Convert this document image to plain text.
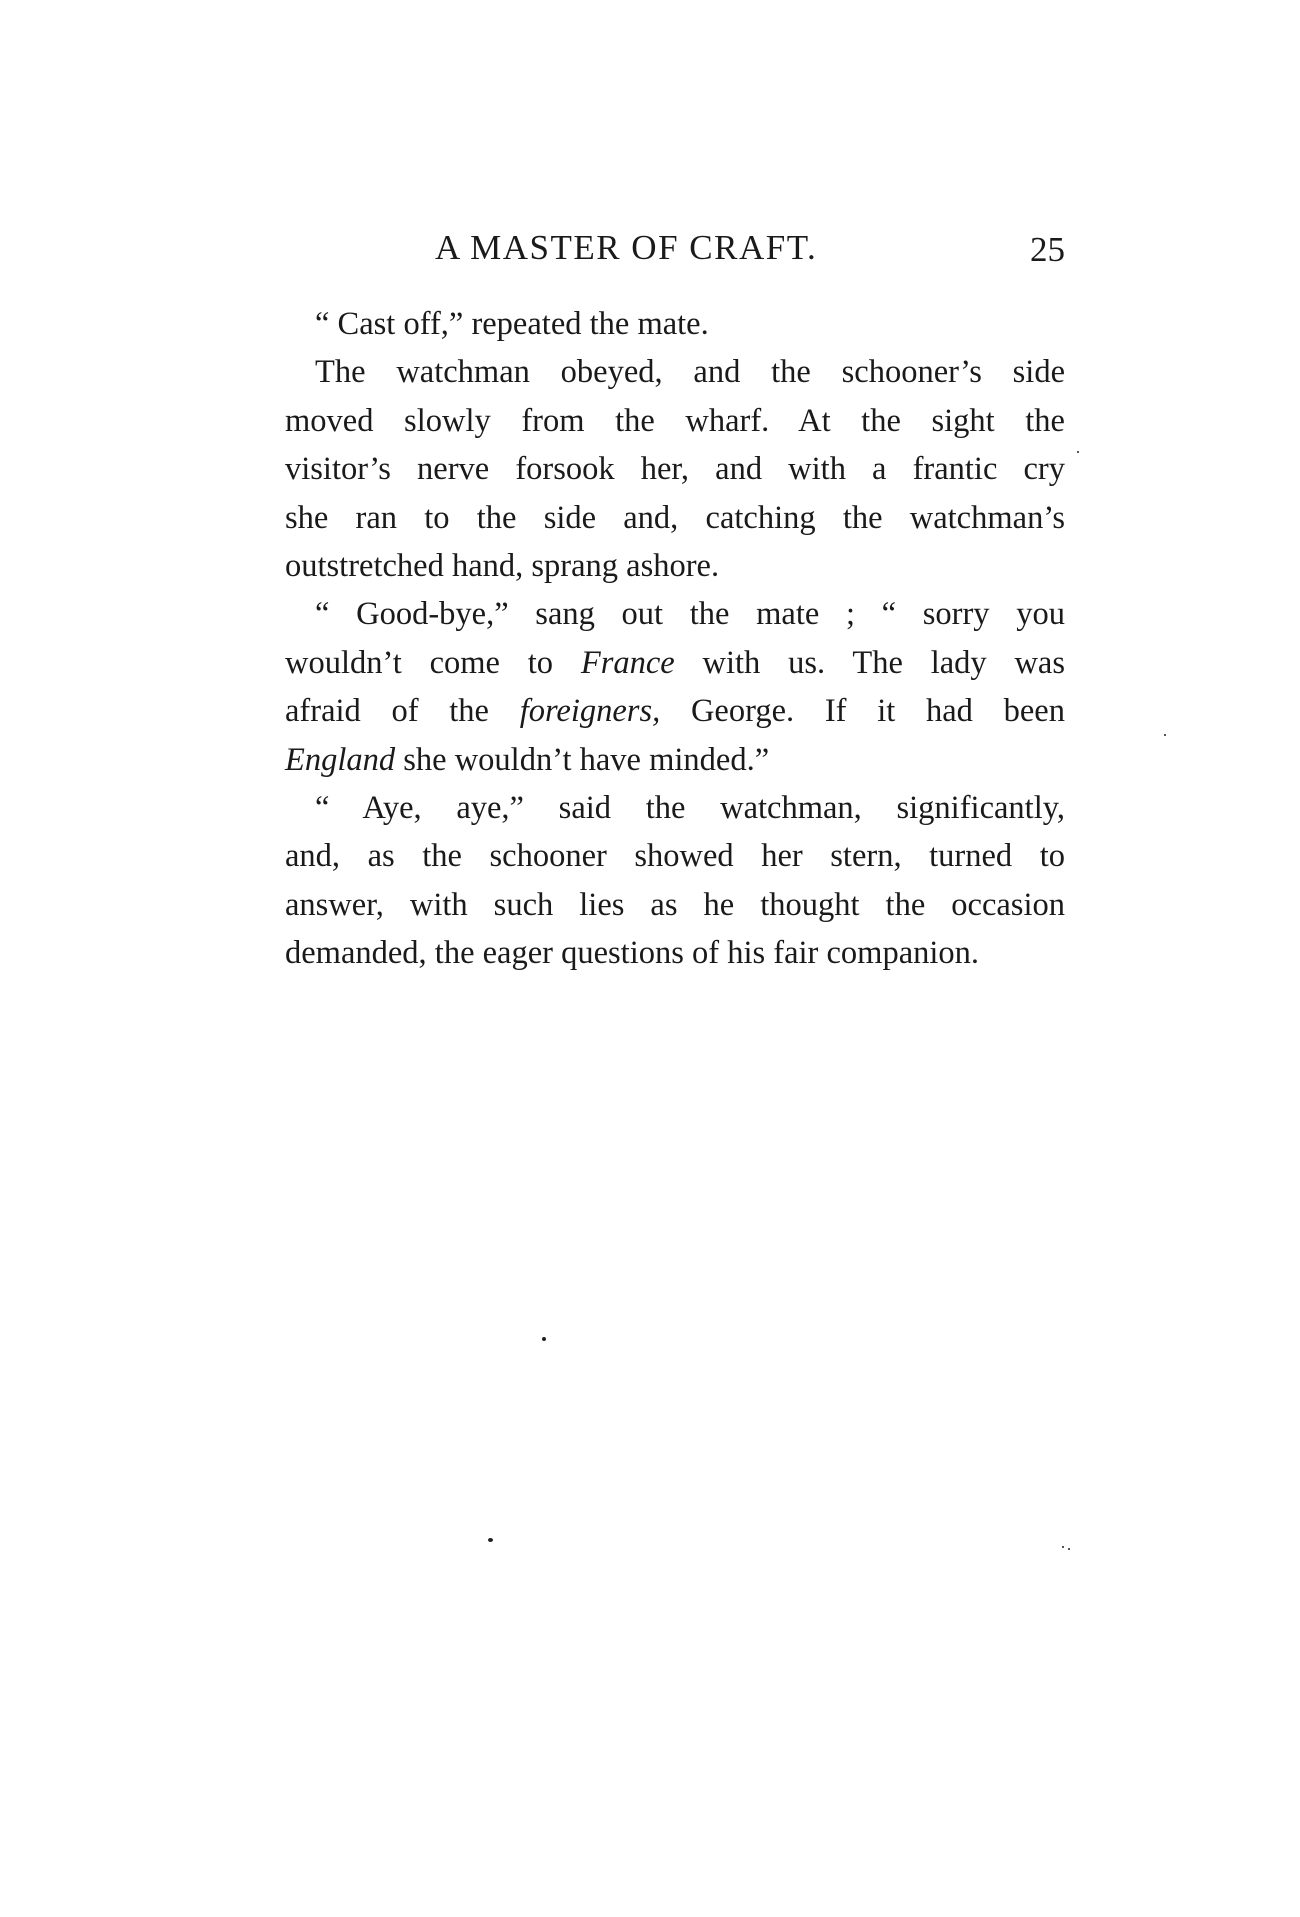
A MASTER OF CRAFT.	25
“ Cast off,” repeated the mate.
The watchman obeyed, and the schooner’s side
moved slowly from the wharf. At the sight the
visitor’s nerve forsook her, and with a frantic cry
she ran to the side and, catching the watchman’s
outstretched hand, sprang ashore.
“ Good-bye,” sang out the mate ; “ sorry you
wouldn’t come to France with us. The lady was
afraid of the foreigners, George. If it had been
England she wouldn’t have minded.”
“ Aye, aye,” said the watchman, significantly,
and, as the schooner showed her stern, turned to
answer, with such lies as he thought the occasion
demanded, the eager questions of his fair companion.
